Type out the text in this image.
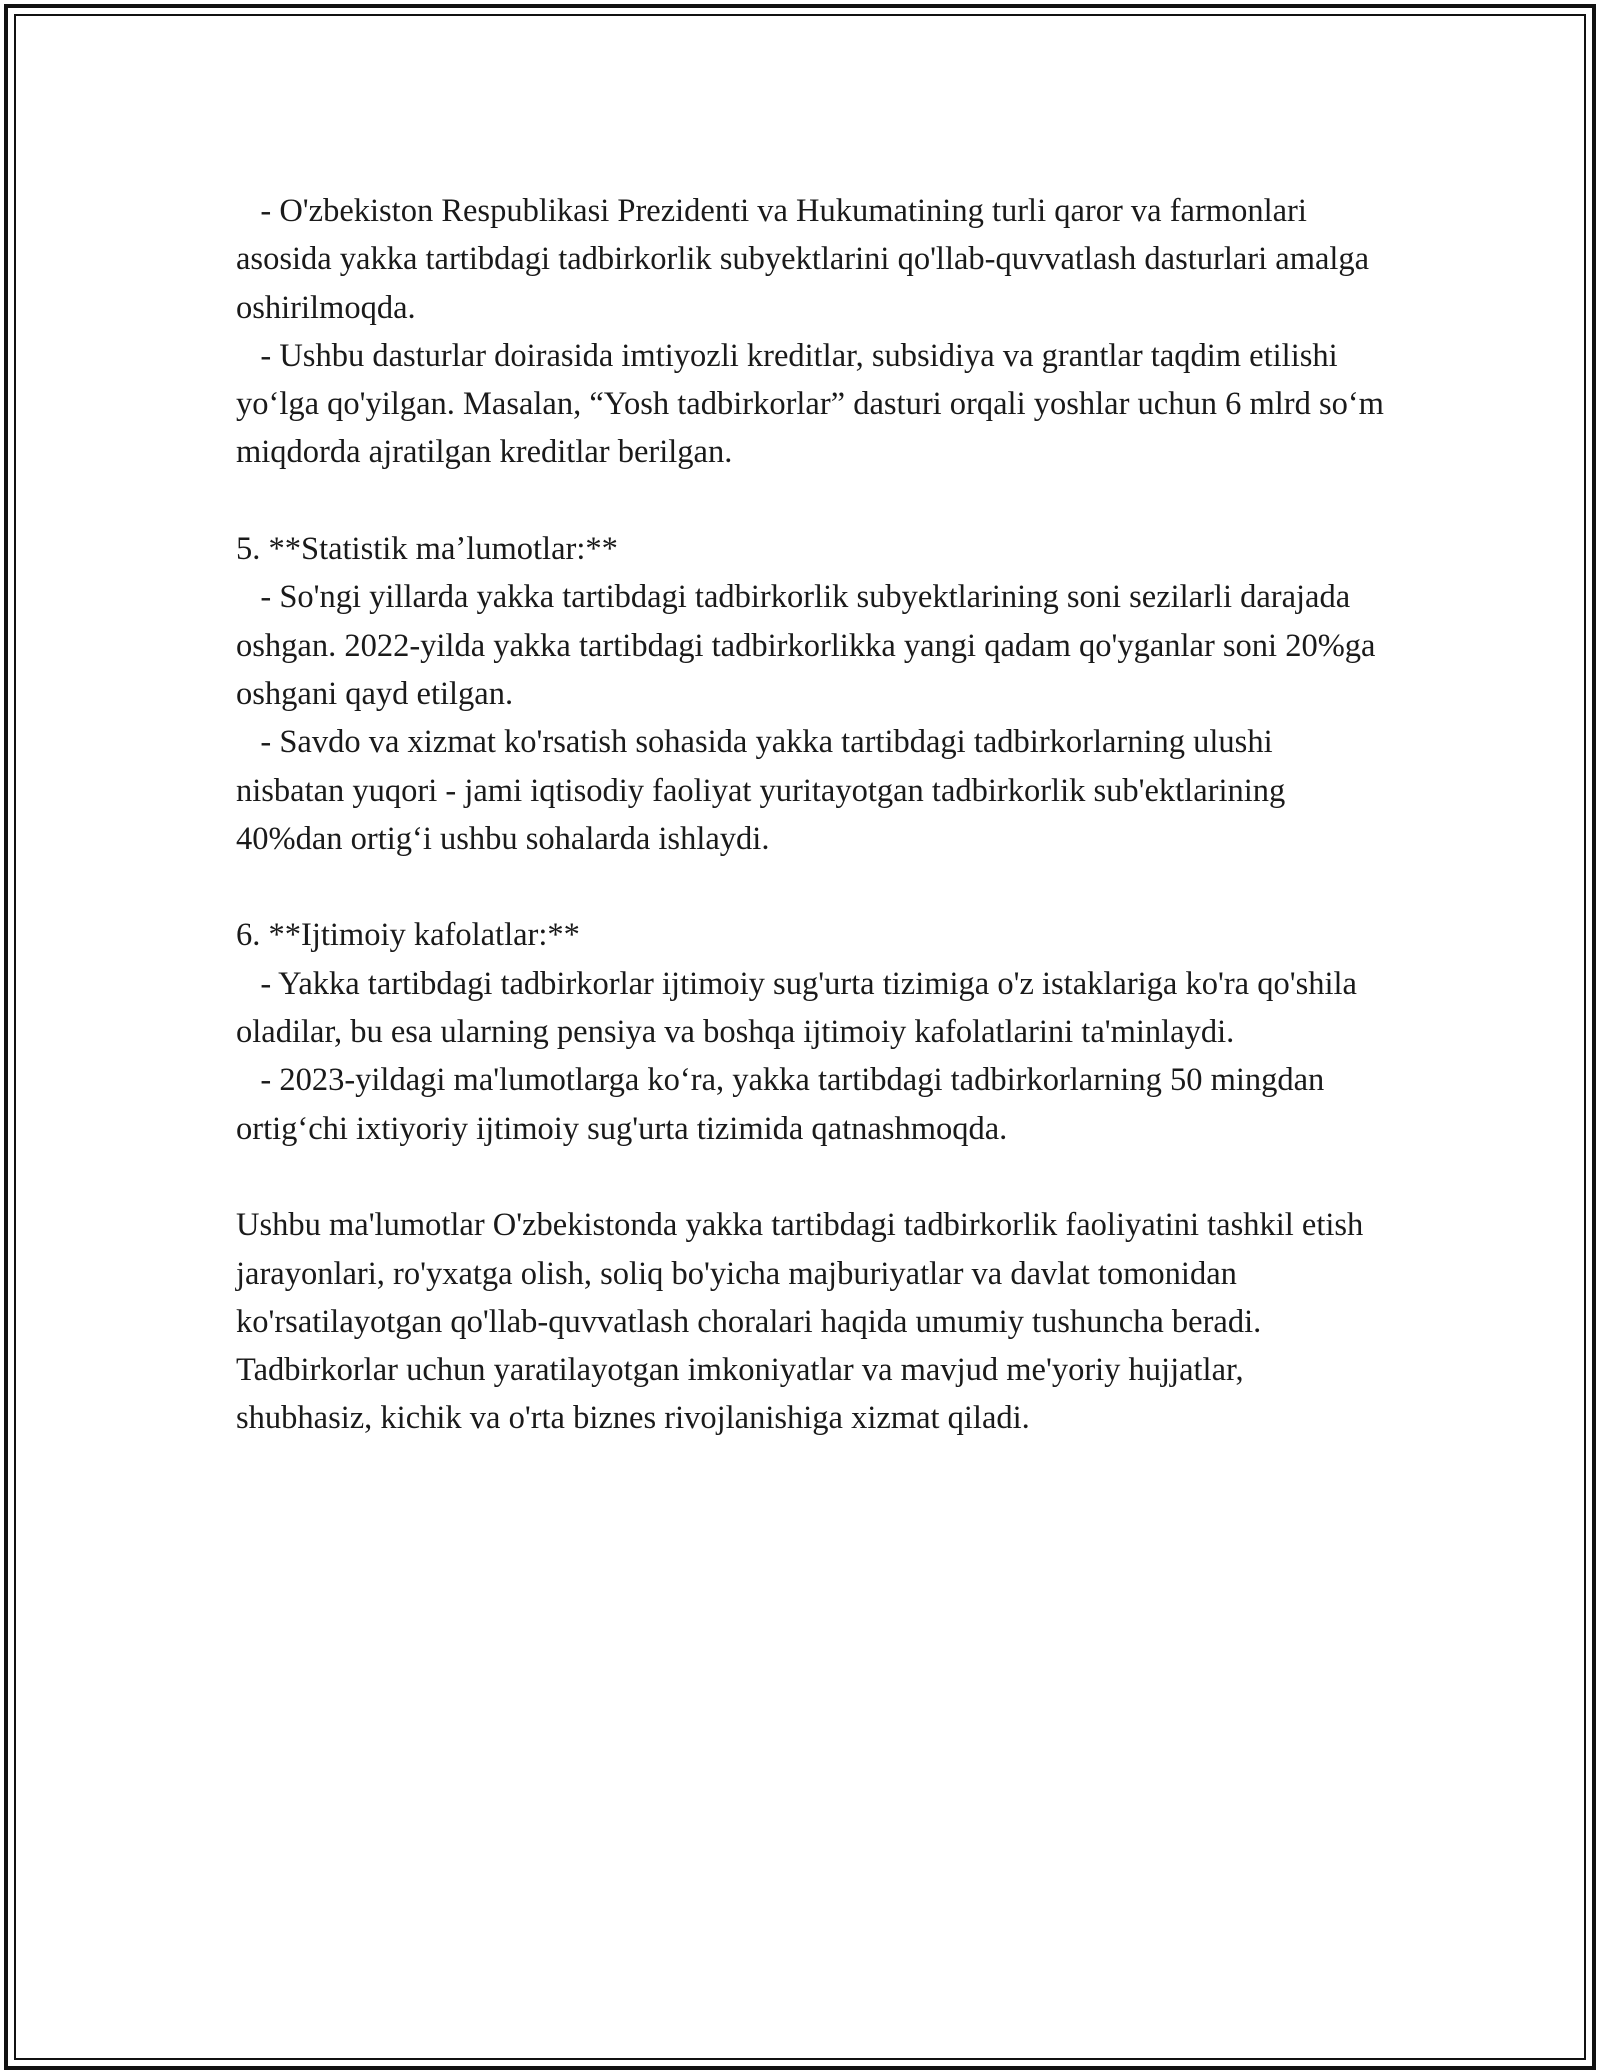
- O'zbekiston Respublikasi Prezidenti va Hukumatining turli qaror va farmonlari asosida yakka tartibdagi tadbirkorlik subyektlarini qo'llab-quvvatlash dasturlari amalga oshirilmoqda.

- Ushbu dasturlar doirasida imtiyozli kreditlar, subsidiya va grantlar taqdim etilishi yoʻlga qo'yilgan. Masalan, “Yosh tadbirkorlar” dasturi orqali yoshlar uchun 6 mlrd soʻm miqdorda ajratilgan kreditlar berilgan.

5. **Statistik maʼlumotlar:**

- So'ngi yillarda yakka tartibdagi tadbirkorlik subyektlarining soni sezilarli darajada oshgan. 2022-yilda yakka tartibdagi tadbirkorlikka yangi qadam qo'yganlar soni 20%ga oshgani qayd etilgan.

- Savdo va xizmat ko'rsatish sohasida yakka tartibdagi tadbirkorlarning ulushi nisbatan yuqori - jami iqtisodiy faoliyat yuritayotgan tadbirkorlik sub'ektlarining 40%dan ortigʻi ushbu sohalarda ishlaydi.

6. **Ijtimoiy kafolatlar:**

- Yakka tartibdagi tadbirkorlar ijtimoiy sug'urta tizimiga o'z istaklariga ko'ra qo'shila oladilar, bu esa ularning pensiya va boshqa ijtimoiy kafolatlarini ta'minlaydi.

- 2023-yildagi ma'lumotlarga koʻra, yakka tartibdagi tadbirkorlarning 50 mingdan ortigʻchi ixtiyoriy ijtimoiy sug'urta tizimida qatnashmoqda.

Ushbu ma'lumotlar O'zbekistonda yakka tartibdagi tadbirkorlik faoliyatini tashkil etish jarayonlari, ro'yxatga olish, soliq bo'yicha majburiyatlar va davlat tomonidan ko'rsatilayotgan qo'llab-quvvatlash choralari haqida umumiy tushuncha beradi. Tadbirkorlar uchun yaratilayotgan imkoniyatlar va mavjud me'yoriy hujjatlar, shubhasiz, kichik va o'rta biznes rivojlanishiga xizmat qiladi.
